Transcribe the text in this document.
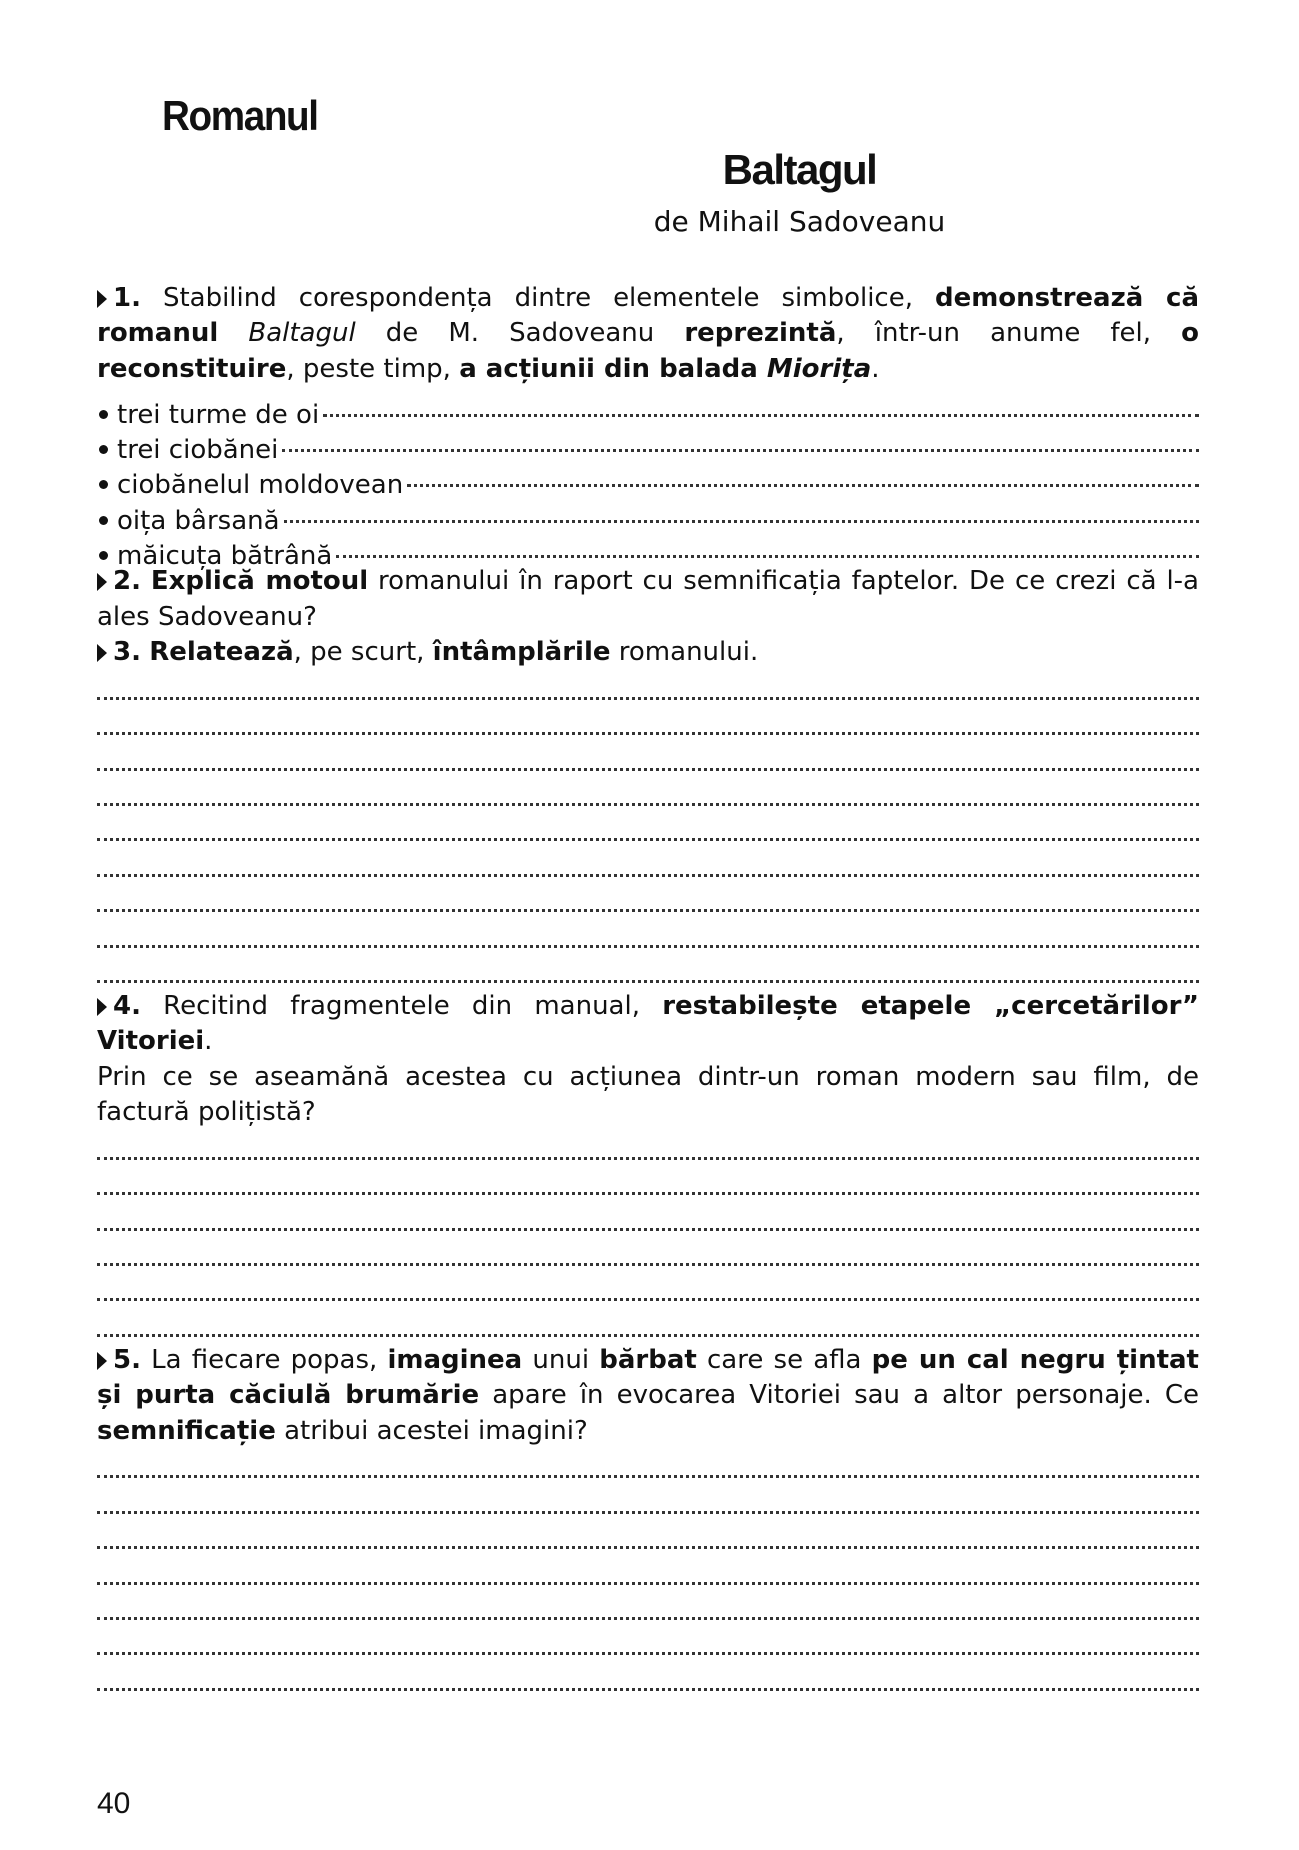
Romanul
Baltagul

de Mihail Sadoveanu

1. Stabilind corespondența dintre elementele simbolice, demonstrează că romanul Baltagul de M. Sadoveanu reprezintă, într-un anume fel, o reconstituire, peste timp, a acțiunii din balada Miorița.

trei turme de oi
trei ciobănei
ciobănelul moldovean
oița bârsană
măicuța bătrână

2. Explică motoul romanului în raport cu semnificația faptelor. De ce crezi că l-a ales Sadoveanu?

3. Relatează, pe scurt, întâmplările romanului.

4. Recitind fragmentele din manual, restabilește etapele „cercetărilor” Vitoriei.

Prin ce se aseamănă acestea cu acțiunea dintr-un roman modern sau film, de factură polițistă?

5. La fiecare popas, imaginea unui bărbat care se afla pe un cal negru țintat și purta căciulă brumărie apare în evocarea Vitoriei sau a altor personaje. Ce semnificație atribui acestei imagini?

40
